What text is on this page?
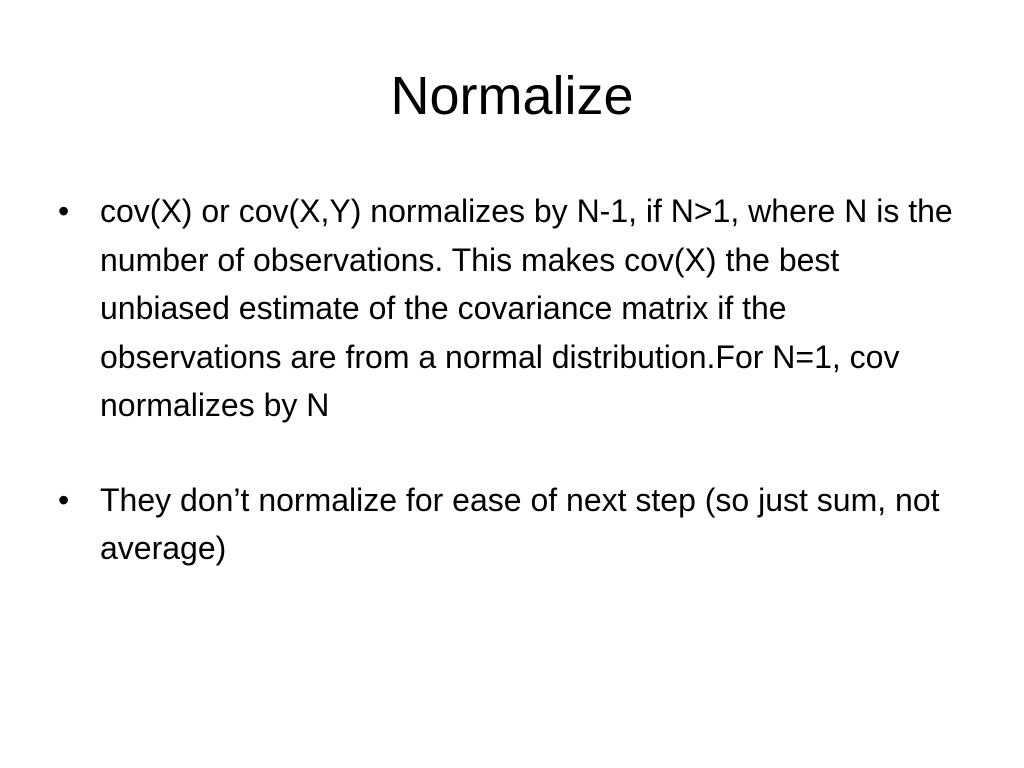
Normalize
• cov(X) or cov(X,Y) normalizes by N-1, if N>1, where N is the number of observations. This makes cov(X) the best unbiased estimate of the covariance matrix if the observations are from a normal distribution.For N=1, cov normalizes by N
• They don’t normalize for ease of next step (so just sum, not average)
